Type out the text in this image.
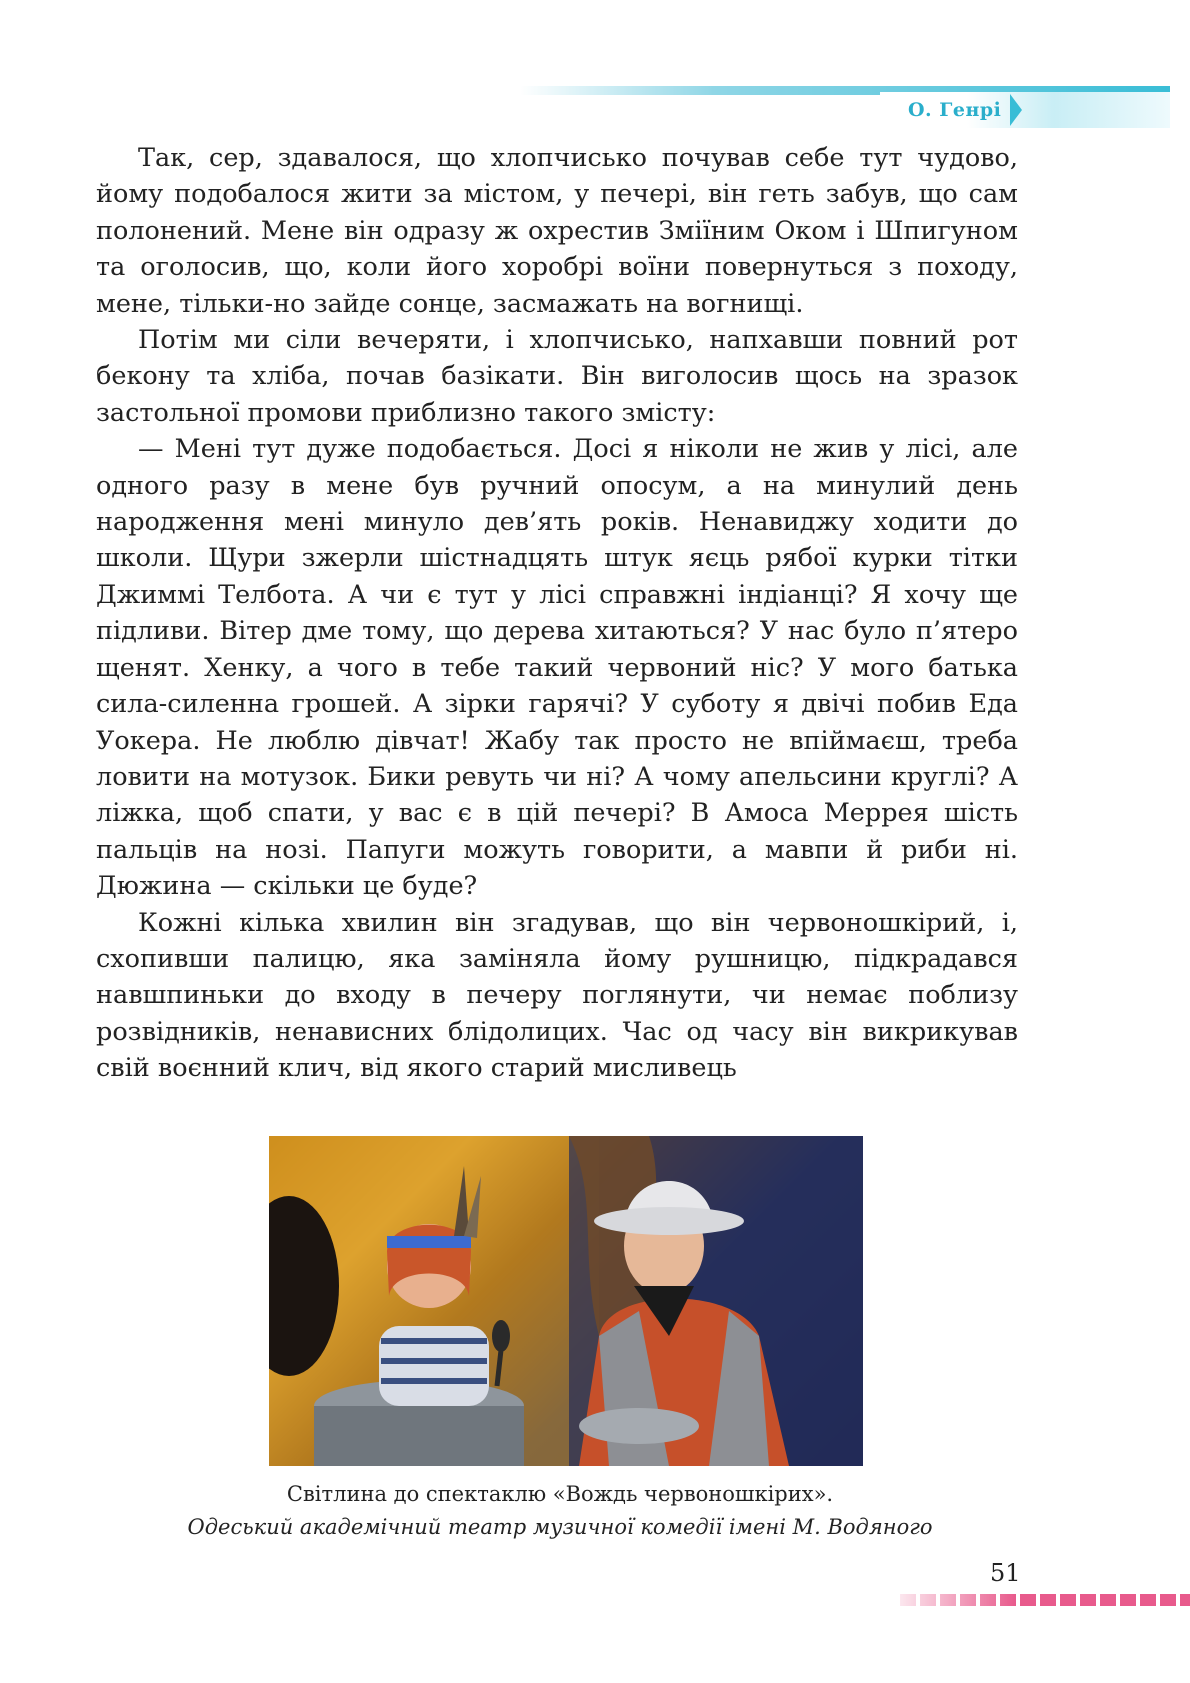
О. Генрі

Так, сер, здавалося, що хлопчисько почував себе тут чудово, йому подобалося жити за містом, у печері, він геть забув, що сам полонений. Мене він одразу ж охрестив Зміїним Оком і Шпигуном та оголосив, що, коли його хоробрі воїни повернуться з походу, мене, тільки-но зайде сонце, засмажать на вогнищі.

Потім ми сіли вечеряти, і хлопчисько, напхавши повний рот бекону та хліба, почав базікати. Він виголосив щось на зразок застольної промови приблизно такого змісту:

— Мені тут дуже подобається. Досі я ніколи не жив у лісі, але одного разу в мене був ручний опосум, а на минулий день народження мені минуло дев’ять років. Ненавиджу ходити до школи. Щури зжерли шістнадцять штук яєць рябої курки тітки Джиммі Телбота. А чи є тут у лісі справжні індіанці? Я хочу ще підливи. Вітер дме тому, що дерева хитаються? У нас було п’ятеро щенят. Хенку, а чого в тебе такий червоний ніс? У мого батька сила-силенна грошей. А зірки гарячі? У суботу я двічі побив Еда Уокера. Не люблю дівчат! Жабу так просто не впіймаєш, треба ловити на мотузок. Бики ревуть чи ні? А чому апельсини круглі? А ліжка, щоб спати, у вас є в цій печері? В Амоса Меррея шість пальців на нозі. Папуги можуть говорити, а мавпи й риби ні. Дюжина — скільки це буде?

Кожні кілька хвилин він згадував, що він червоношкірий, і, схопивши палицю, яка заміняла йому рушницю, підкрадався навшпиньки до входу в печеру поглянути, чи немає поблизу розвідників, ненависних блідолицих. Час од часу він викрикував свій воєнний клич, від якого старий мисливець

Світлина до спектаклю «Вождь червоношкірих».
Одеський академічний театр музичної комедії імені М. Водяного
51
